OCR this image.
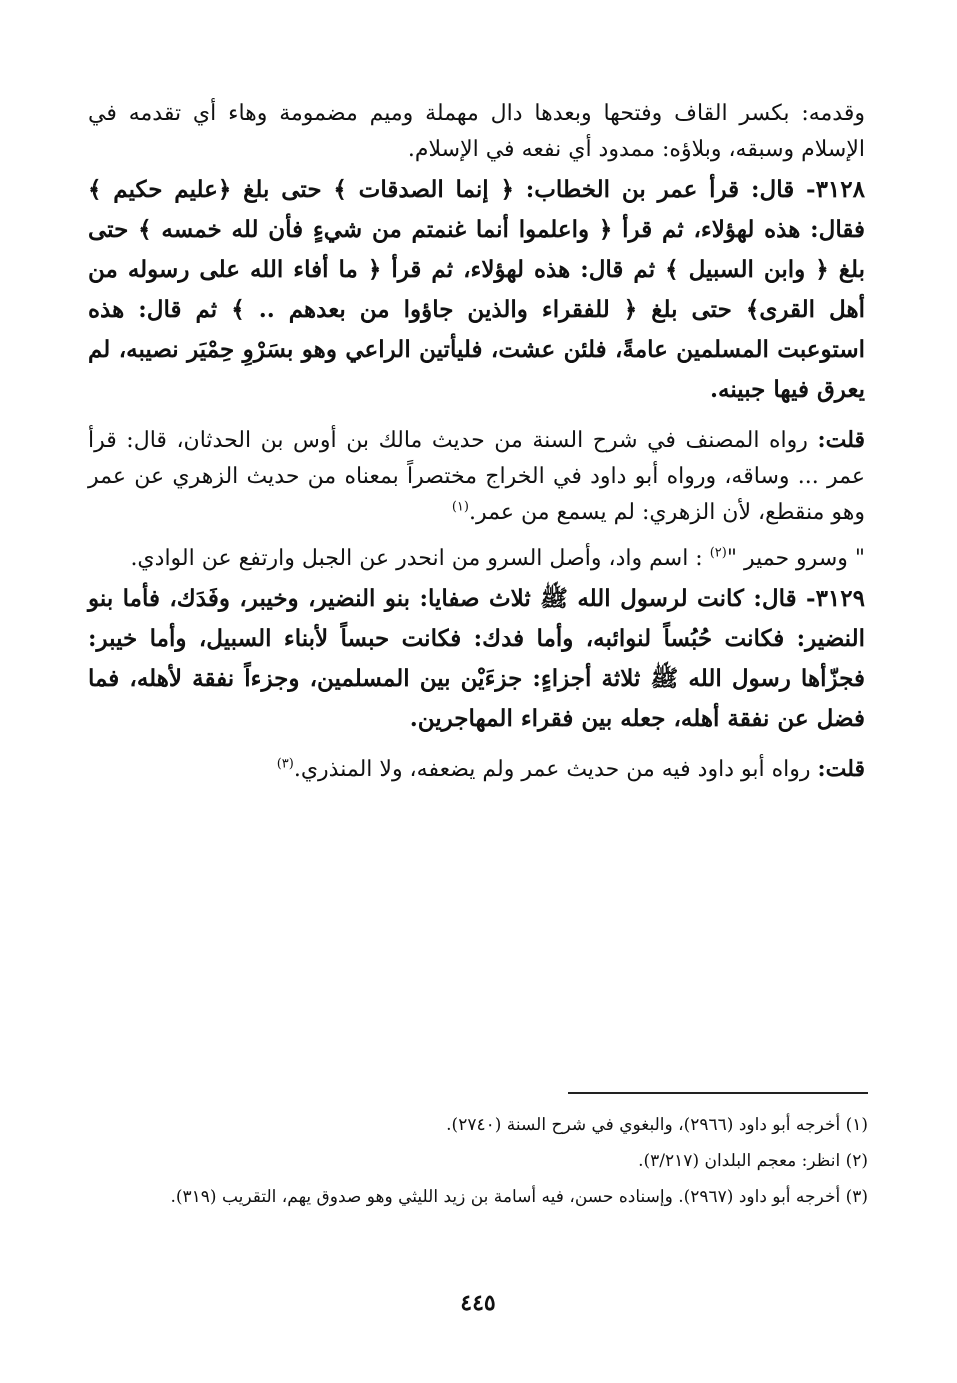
وقدمه: بكسر القاف وفتحها وبعدها دال مهملة وميم مضمومة وهاء أي تقدمه في الإسلام وسبقه، وبلاؤه: ممدود أي نفعه في الإسلام.

٣١٢٨- قال: قرأ عمر بن الخطاب: ﴿ إنما الصدقات ﴾ حتى بلغ ﴿عليم حكيم ﴾ فقال: هذه لهؤلاء، ثم قرأ ﴿ واعلموا أنما غنمتم من شيءٍ فأن لله خمسه ﴾ حتى بلغ ﴿ وابن السبيل ﴾ ثم قال: هذه لهؤلاء، ثم قرأ ﴿ ما أفاء الله على رسوله من أهل القرى﴾ حتى بلغ ﴿ للفقراء والذين جاؤوا من بعدهم .. ﴾ ثم قال: هذه استوعبت المسلمين عامةً، فلئن عشت، فليأتين الراعي وهو بسَرْوِ حِمْيَر نصيبه، لم يعرق فيها جبينه.

قلت: رواه المصنف في شرح السنة من حديث مالك بن أوس بن الحدثان، قال: قرأ عمر ... وساقه، ورواه أبو داود في الخراج مختصراً بمعناه من حديث الزهري عن عمر وهو منقطع، لأن الزهري: لم يسمع من عمر.$^{(١)}$

" وسرو حمير "$^{(٢)}$ : اسم واد، وأصل السرو من انحدر عن الجبل وارتفع عن الوادي.

٣١٢٩- قال: كانت لرسول الله ﷺ ثلاث صفايا: بنو النضير، وخيبر، وفَدَك، فأما بنو النضير: فكانت حُبُساً لنوائبه، وأما فدك: فكانت حبساً لأبناء السبيل، وأما خيبر: فجزّأها رسول الله ﷺ ثلاثة أجزاءٍ: جزءَيْن بين المسلمين، وجزءاً نفقة لأهله، فما فضل عن نفقة أهله، جعله بين فقراء المهاجرين.

قلت: رواه أبو داود فيه من حديث عمر ولم يضعفه، ولا المنذري.$^{(٣)}$

(١) أخرجه أبو داود (٢٩٦٦)، والبغوي في شرح السنة (٢٧٤٠).

(٢) انظر: معجم البلدان (٣/٢١٧).

(٣) أخرجه أبو داود (٢٩٦٧). وإسناده حسن، فيه أسامة بن زيد الليثي وهو صدوق يهم، التقريب (٣١٩).

٤٤٥
